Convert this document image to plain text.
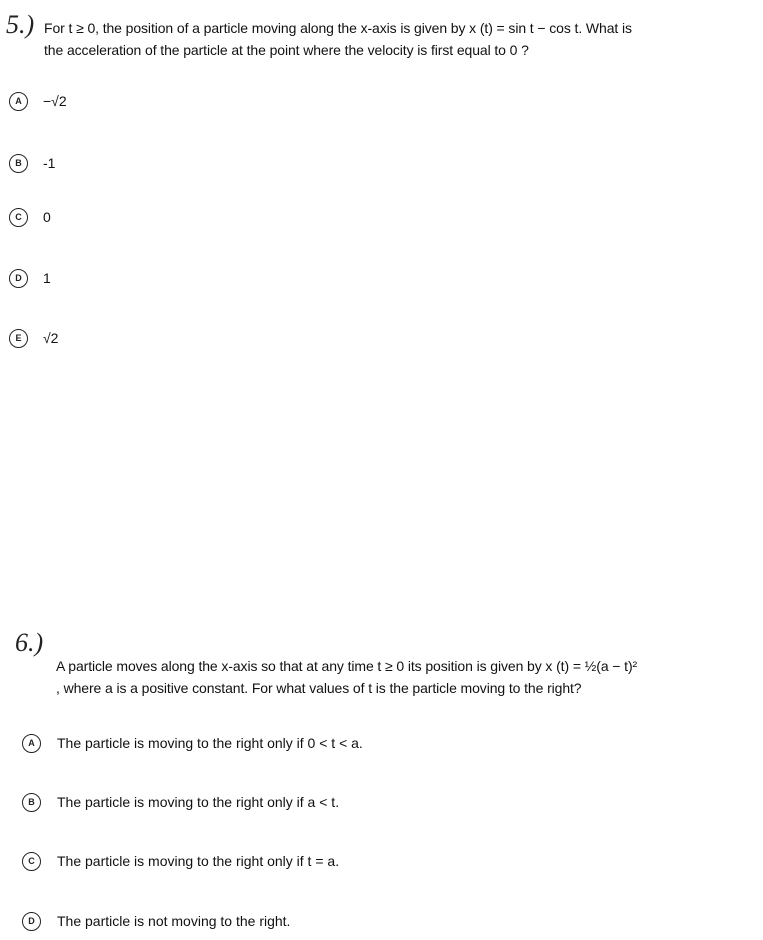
5.) For t ≥ 0, the position of a particle moving along the x-axis is given by x (t) = sin t − cos t. What is
the acceleration of the particle at the point where the velocity is first equal to 0 ?
A	−√2
B	-1
C	0
D	1
E	√2
6.)
A particle moves along the x-axis so that at any time t ≥ 0 its position is given by x (t) = ½(a − t)²
, where a is a positive constant. For what values of t is the particle moving to the right?
A	The particle is moving to the right only if 0 < t < a.
B	The particle is moving to the right only if a < t.
C	The particle is moving to the right only if t = a.
D	The particle is not moving to the right.
